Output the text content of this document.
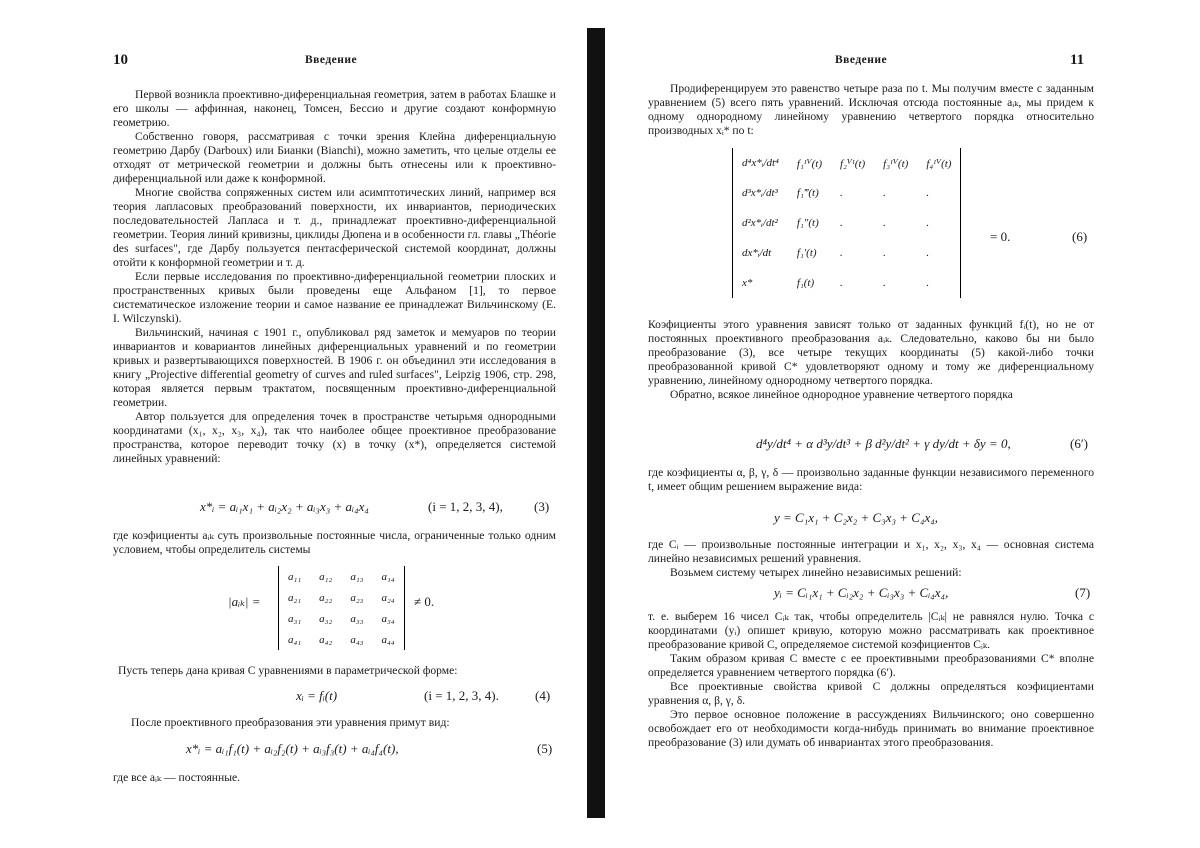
10	Введение

Первой возникла проективно-диференциальная геометрия, затем в работах Блашке и его школы — аффинная, наконец, Томсен, Бессио и другие создают конформную геометрию.

Собственно говоря, рассматривая с точки зрения Клейна диференциальную геометрию Дарбу (Darboux) или Бианки (Bianchi), можно заметить, что целые отделы ее отходят от метрической геометрии и должны быть отнесены или к проективно-диференциальной или даже к конформной.

Многие свойства сопряженных систем или асимптотических линий, например вся теория лапласовых преобразований поверхности, их инвариантов, периодических последовательностей Лапласа и т. д., принадлежат проективно-диференциальной геометрии. Теория линий кривизны, циклиды Дюпена и в особенности гл. главы „Théorie des surfaces", где Дарбу пользуется пентасферической системой координат, должны отойти к конформной геометрии и т. д.

Если первые исследования по проективно-диференциальной геометрии плоских и пространственных кривых были проведены еще Альфаном [1], то первое систематическое изложение теории и самое название ее принадлежат Вильчинскому (E. I. Wilczynski).

Вильчинский, начиная с 1901 г., опубликовал ряд заметок и мемуаров по теории инвариантов и ковариантов линейных диференциальных уравнений и по геометрии кривых и развертывающихся поверхностей. В 1906 г. он объединил эти исследования в книгу „Projective differential geometry of curves and ruled surfaces", Leipzig 1906, стр. 298, которая является первым трактатом, посвященным проективно-диференциальной геометрии.

Автор пользуется для определения точек в пространстве четырьмя однородными координатами (x₁, x₂, x₃, x₄), так что наиболее общее проективное преобразование пространства, которое переводит точку (x) в точку (x*), определяется системой линейных уравнений:

x*ᵢ = aᵢ₁x₁ + aᵢ₂x₂ + aᵢ₃x₃ + aᵢ₄x₄	(i = 1, 2, 3, 4), (3)

где коэфициенты aᵢₖ суть произвольные постоянные числа, ограниченные только одним условием, чтобы определитель системы

|aᵢₖ| =
a₁₁	a₁₂	a₁₃	a₁₄
a₂₁	a₂₂	a₂₃	a₂₄
a₃₁	a₃₂	a₃₃	a₃₄
a₄₁	a₄₂	a₄₃	a₄₄
≠ 0.

Пусть теперь дана кривая C уравнениями в параметрической форме:

xᵢ = fᵢ(t)	(i = 1, 2, 3, 4).	(4)

После проективного преобразования эти уравнения примут вид:

x*ᵢ = aᵢ₁f₁(t) + aᵢ₂f₂(t) + aᵢ₃f₃(t) + aᵢ₄f₄(t),	(5)

где все aᵢₖ — постоянные.

Введение	11

Продиференцируем это равенство четыре раза по t. Мы получим вместе с заданным уравнением (5) всего пять уравнений. Исключая отсюда постоянные aᵢₖ, мы придем к одному однородному линейному уравнению четвертого порядка относительно производных xᵢ* по t:

d⁴x*ᵢ/dt⁴	f₁ᴵⱽ(t)	f₂ⱽᴵ(t)	f₃ᴵⱽ(t)	f₄ᴵⱽ(t)
d³x*ᵢ/dt³	f₁‴(t)	.	.	.
d²x*ᵢ/dt²	f₁″(t)	.	.	.
dx*ᵢ/dt	f₁′(t)	.	.	.
x*	f₁(t)	.	.	.
= 0.	(6)

Коэфициенты этого уравнения зависят только от заданных функций fᵢ(t), но не от постоянных проективного преобразования aᵢₖ. Следовательно, каково бы ни было преобразование (3), все четыре текущих координаты (5) какой-либо точки преобразованной кривой C* удовлетворяют одному и тому же диференциальному уравнению, линейному однородному четвертого порядка.

Обратно, всякое линейное однородное уравнение четвертого порядка

d⁴y/dt⁴ + α d³y/dt³ + β d²y/dt² + γ dy/dt + δy = 0,	(6′)

где коэфициенты α, β, γ, δ — произвольно заданные функции независимого переменного t, имеет общим решением выражение вида:

y = C₁x₁ + C₂x₂ + C₃x₃ + C₄x₄,

где Cᵢ — произвольные постоянные интеграции и x₁, x₂, x₃, x₄ — основная система линейно независимых решений уравнения.

Возьмем систему четырех линейно независимых решений:

yᵢ = Cᵢ₁x₁ + Cᵢ₂x₂ + Cᵢ₃x₃ + Cᵢ₄x₄,	(7)

т. е. выберем 16 чисел Cᵢₖ так, чтобы определитель |Cᵢₖ| не равнялся нулю. Точка с координатами (yᵢ) опишет кривую, которую можно рассматривать как проективное преобразование кривой C, определяемое системой коэфициентов Cᵢₖ.

Таким образом кривая C вместе с ее проективными преобразованиями C* вполне определяется уравнением четвертого порядка (6′).

Все проективные свойства кривой C должны определяться коэфициентами уравнения α, β, γ, δ.

Это первое основное положение в рассуждениях Вильчинского; оно совершенно освобождает его от необходимости когда-нибудь принимать во внимание проективное преобразование (3) или думать об инвариантах этого преобразования.
